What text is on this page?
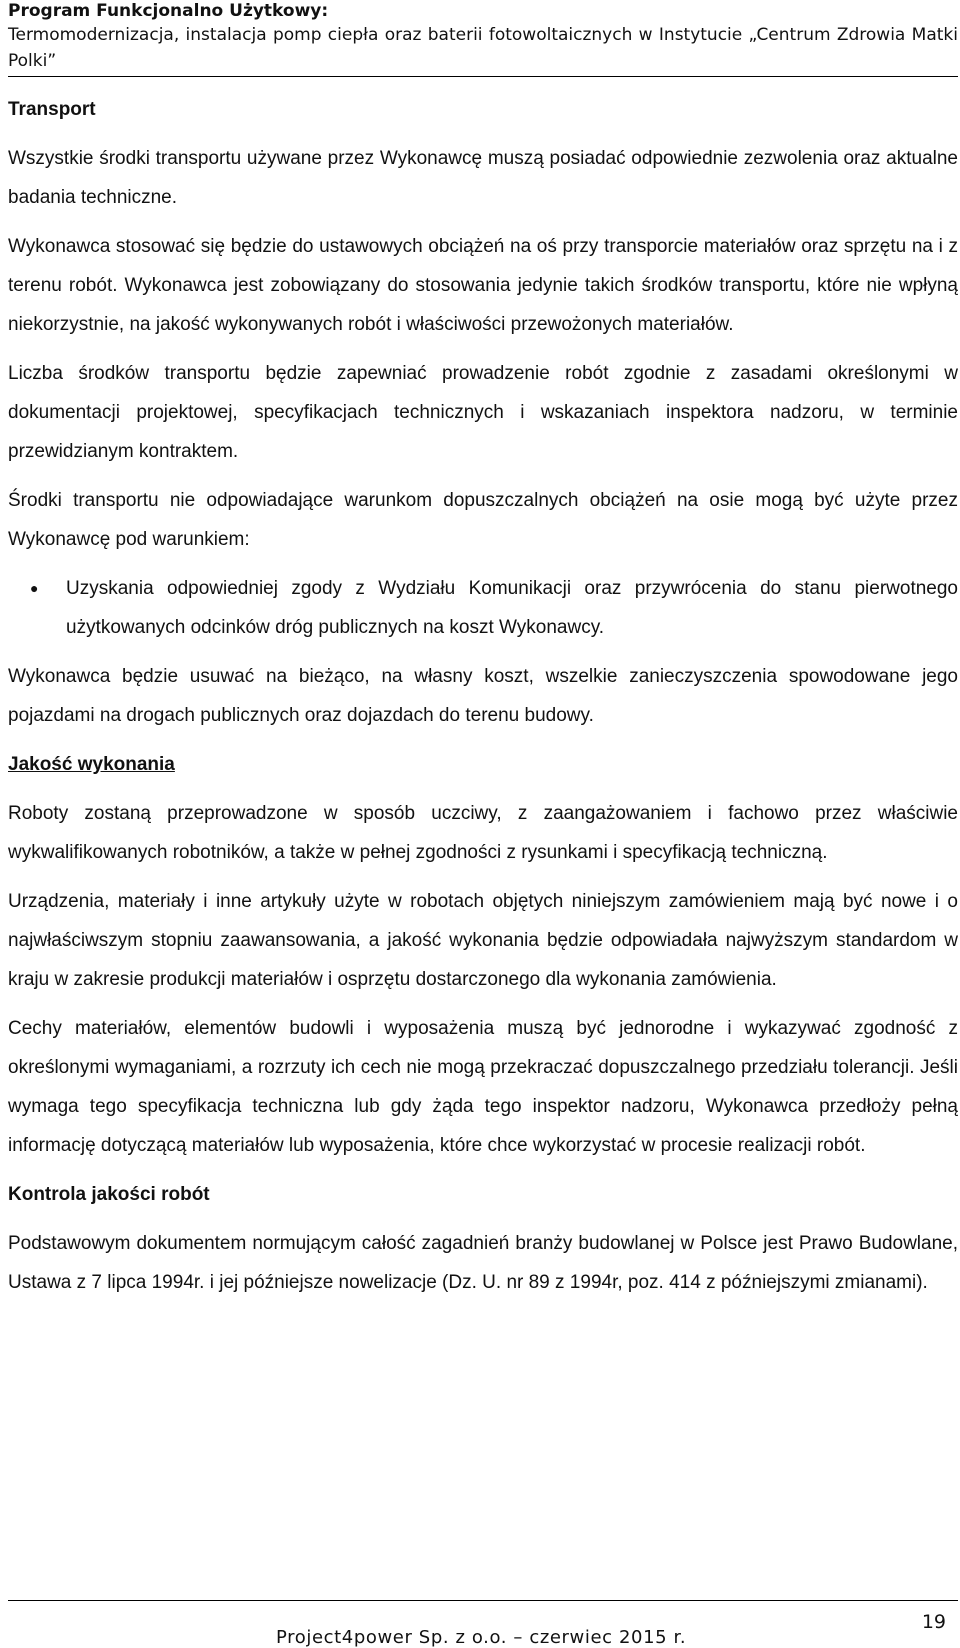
Program Funkcjonalno Użytkowy:
Termomodernizacja, instalacja pomp ciepła oraz baterii fotowoltaicznych w Instytucie „Centrum Zdrowia Matki Polki”
Transport

Wszystkie środki transportu używane przez Wykonawcę muszą posiadać odpowiednie zezwolenia oraz aktualne badania techniczne.

Wykonawca stosować się będzie do ustawowych obciążeń na oś przy transporcie materiałów oraz sprzętu na i z terenu robót. Wykonawca jest zobowiązany do stosowania jedynie takich środków transportu, które nie wpłyną niekorzystnie, na jakość wykonywanych robót i właściwości przewożonych materiałów.

Liczba środków transportu będzie zapewniać prowadzenie robót zgodnie z zasadami określonymi w dokumentacji projektowej, specyfikacjach technicznych i wskazaniach inspektora nadzoru, w terminie przewidzianym kontraktem.

Środki transportu nie odpowiadające warunkom dopuszczalnych obciążeń na osie mogą być użyte przez Wykonawcę pod warunkiem:

● Uzyskania odpowiedniej zgody z Wydziału Komunikacji oraz przywrócenia do stanu pierwotnego użytkowanych odcinków dróg publicznych na koszt Wykonawcy.

Wykonawca będzie usuwać na bieżąco, na własny koszt, wszelkie zanieczyszczenia spowodowane jego pojazdami na drogach publicznych oraz dojazdach do terenu budowy.

Jakość wykonania

Roboty zostaną przeprowadzone w sposób uczciwy, z zaangażowaniem i fachowo przez właściwie wykwalifikowanych robotników, a także w pełnej zgodności z rysunkami i specyfikacją techniczną.

Urządzenia, materiały i inne artykuły użyte w robotach objętych niniejszym zamówieniem mają być nowe i o najwłaściwszym stopniu zaawansowania, a jakość wykonania będzie odpowiadała najwyższym standardom w kraju w zakresie produkcji materiałów i osprzętu dostarczonego dla wykonania zamówienia.

Cechy materiałów, elementów budowli i wyposażenia muszą być jednorodne i wykazywać zgodność z określonymi wymaganiami, a rozrzuty ich cech nie mogą przekraczać dopuszczalnego przedziału tolerancji. Jeśli wymaga tego specyfikacja techniczna lub gdy żąda tego inspektor nadzoru, Wykonawca przedłoży pełną informację dotyczącą materiałów lub wyposażenia, które chce wykorzystać w procesie realizacji robót.

Kontrola jakości robót

Podstawowym dokumentem normującym całość zagadnień branży budowlanej w Polsce jest Prawo Budowlane, Ustawa z 7 lipca 1994r. i jej późniejsze nowelizacje (Dz. U. nr 89 z 1994r, poz. 414 z późniejszymi zmianami).

19
Project4power Sp. z o.o. – czerwiec 2015 r.
